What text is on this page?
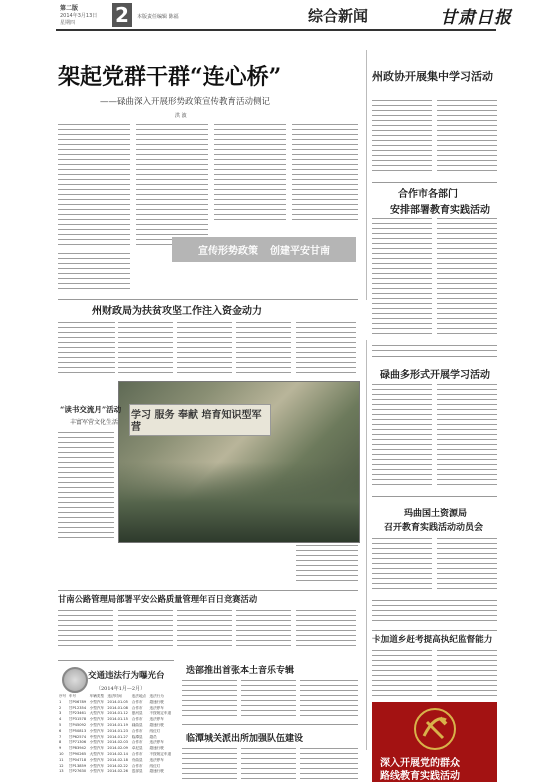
第二版
2014年3月13日
星期四	2	本版责任编辑 陈福	综合新闻	甘肃日报
架起党群干群“连心桥”
——碌曲深入开展形势政策宣传教育活动侧记
洪 波
宣传形势政策 创建平安甘南
州政协开展集中学习活动
合作市各部门
安排部署教育实践活动
州财政局为扶贫攻坚工作注入资金动力
学习 服务 奉献 培育知识型军营
“读书交流月”活动
丰富军营文化生活
碌曲多形式开展学习活动
玛曲国土资源局
召开教育实践活动动员会
甘南公路管理局部署平安公路质量管理年百日竞赛活动
交通违法行为曝光台
（2014年1月—2月）
序号	车号	车辆类型	违法时间	违法地点	违法行为
1	甘P06789	小型汽车	2014.01.05	合作市	超速行驶
2	甘P12354	小型汽车	2014.01.08	合作市	违法停车
3	甘P23461	大型汽车	2014.01.12	夏河县	不按规定车道
4	甘P31578	小型汽车	2014.01.15	合作市	违法停车
5	甘P45092	小型汽车	2014.01.19	碌曲县	超速行驶
6	甘P50813	小型汽车	2014.01.23	合作市	闯红灯
7	甘P62574	中型汽车	2014.01.27	临潭县	超员
8	甘P71306	小型汽车	2014.02.03	合作市	违法停车
9	甘P83942	小型汽车	2014.02.09	卓尼县	超速行驶
10	甘P90265	大型汽车	2014.02.14	合作市	不按规定车道
11	甘P04718	小型汽车	2014.02.18	舟曲县	违法停车
12	甘P13859	小型汽车	2014.02.22	合作市	闯红灯
13	甘P27630	小型汽车	2014.02.26	迭部县	超速行驶
迭部推出首张本土音乐专辑
临潭城关派出所加强队伍建设
卡加道乡赶考提高执纪监督能力
深入开展党的群众
路线教育实践活动
